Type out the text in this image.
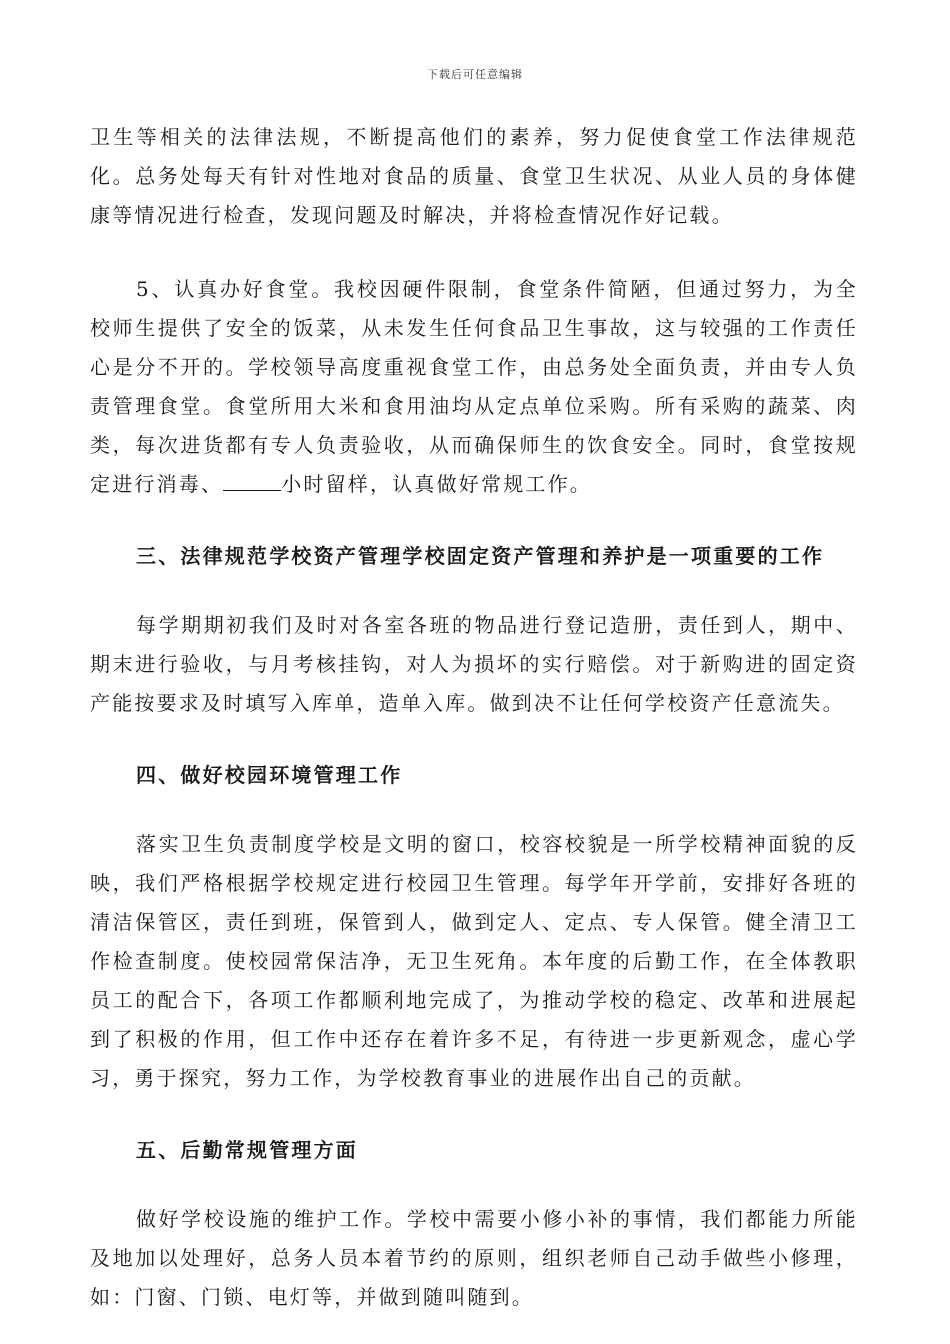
下载后可任意编辑

卫生等相关的法律法规，不断提高他们的素养，努力促使食堂工作法律规范化。总务处每天有针对性地对食品的质量、食堂卫生状况、从业人员的身体健康等情况进行检查，发现问题及时解决，并将检查情况作好记载。

5、认真办好食堂。我校因硬件限制，食堂条件简陋，但通过努力，为全校师生提供了安全的饭菜，从未发生任何食品卫生事故，这与较强的工作责任心是分不开的。学校领导高度重视食堂工作，由总务处全面负责，并由专人负责管理食堂。食堂所用大米和食用油均从定点单位采购。所有采购的蔬菜、肉类，每次进货都有专人负责验收，从而确保师生的饮食安全。同时，食堂按规定进行消毒、	小时留样，认真做好常规工作。

三、法律规范学校资产管理学校固定资产管理和养护是一项重要的工作

每学期期初我们及时对各室各班的物品进行登记造册，责任到人，期中、期末进行验收，与月考核挂钩，对人为损坏的实行赔偿。对于新购进的固定资产能按要求及时填写入库单，造单入库。做到决不让任何学校资产任意流失。

四、做好校园环境管理工作

落实卫生负责制度学校是文明的窗口，校容校貌是一所学校精神面貌的反映，我们严格根据学校规定进行校园卫生管理。每学年开学前，安排好各班的清洁保管区，责任到班，保管到人，做到定人、定点、专人保管。健全清卫工作检查制度。使校园常保洁净，无卫生死角。本年度的后勤工作，在全体教职员工的配合下，各项工作都顺利地完成了，为推动学校的稳定、改革和进展起到了积极的作用，但工作中还存在着许多不足，有待进一步更新观念，虚心学习，勇于探究，努力工作，为学校教育事业的进展作出自己的贡献。

五、后勤常规管理方面

做好学校设施的维护工作。学校中需要小修小补的事情，我们都能力所能及地加以处理好，总务人员本着节约的原则，组织老师自己动手做些小修理，如：门窗、门锁、电灯等，并做到随叫随到。
